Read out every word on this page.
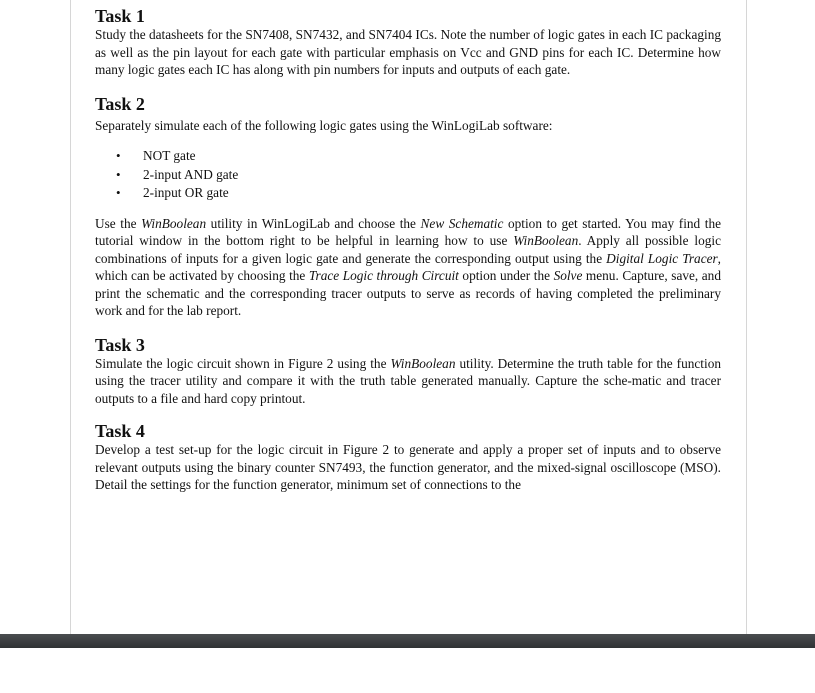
Task 1

Study the datasheets for the SN7408, SN7432, and SN7404 ICs. Note the number of logic gates in each IC packaging as well as the pin layout for each gate with particular emphasis on Vcc and GND pins for each IC. Determine how many logic gates each IC has along with pin numbers for inputs and outputs of each gate.

Task 2

Separately simulate each of the following logic gates using the WinLogiLab software:

• NOT gate
• 2-input AND gate
• 2-input OR gate

Use the WinBoolean utility in WinLogiLab and choose the New Schematic option to get started. You may find the tutorial window in the bottom right to be helpful in learning how to use WinBoolean. Apply all possible logic combinations of inputs for a given logic gate and generate the corresponding output using the Digital Logic Tracer, which can be activated by choosing the Trace Logic through Circuit option under the Solve menu. Capture, save, and print the schematic and the corresponding tracer outputs to serve as records of having completed the preliminary work and for the lab report.

Task 3

Simulate the logic circuit shown in Figure 2 using the WinBoolean utility. Determine the truth table for the function using the tracer utility and compare it with the truth table generated manually. Capture the sche-matic and tracer outputs to a file and hard copy printout.

Task 4

Develop a test set-up for the logic circuit in Figure 2 to generate and apply a proper set of inputs and to observe relevant outputs using the binary counter SN7493, the function generator, and the mixed-signal oscilloscope (MSO). Detail the settings for the function generator, minimum set of connections to the
